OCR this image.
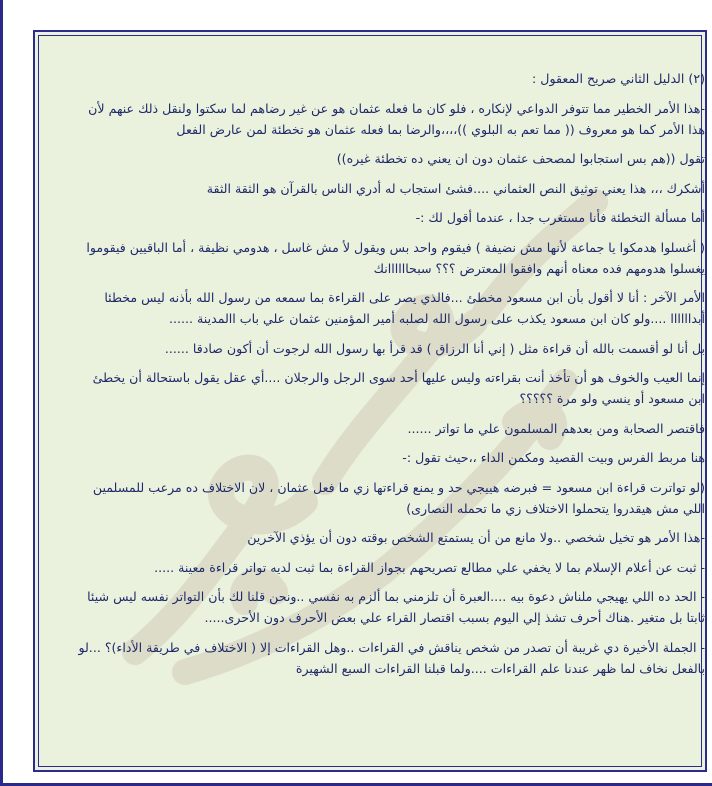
(٢) الدليل الثاني صريح المعقول :

-هذا الأمر الخطير مما تتوفر الدواعي لإنكاره ، فلو كان ما فعله عثمان هو عن غير رضاهم لما سكتوا ولنقل ذلك عنهم لأن هذا الأمر كما هو معروف (( مما تعم به البلوي ))،،،،والرضا بما فعله عثمان هو تخطئة لمن عارض الفعل

تقول ((هم بس استجابوا لمصحف عثمان دون ان يعني ده تخطئة غيره))

أشكرك ،،، هذا يعني توثيق النص العثماني ....فشئ استجاب له أدري الناس بالقرآن هو الثقة الثقة

أما مسألة التخطئة فأنا مستغرب جدا ، عندما أقول لك :-

( أغسلوا هدمكوا يا جماعة لأنها مش نضيفة ) فيقوم واحد بس ويقول لأ مش غاسل ، هدومي نظيفة ، أما الباقيين فيقوموا يغسلوا هدومهم فده معناه أنهم وافقوا المعترض ؟؟؟ سبحاااااانك

الأمر الآخر : أنا لا أقول بأن ابن مسعود مخطئ ...فالذي يصر على القراءة بما سمعه من رسول الله بأذنه ليس مخطئا أبداااااا ....ولو كان ابن مسعود يكذب على رسول الله لصلبه أمير المؤمنين عثمان علي باب االمدينة ......

بل أنا لو أقسمت بالله أن قراءة مثل ( إني أنا الرزاق ) قد قرأ بها رسول الله لرجوت أن أكون صادقا ......

إنما العيب والخوف هو أن تأخذ أنت بقراءته وليس عليها أحد سوى الرجل والرجلان ....أي عقل يقول باستحالة أن يخطئ ابن مسعود أو ينسي ولو مرة ؟؟؟؟؟

فاقتصر الصحابة ومن بعدهم المسلمون علي ما تواتر ......

هنا مربط الفرس وبيت القصيد ومكمن الداء ،،حيث تقول :-

(لو تواترت قراءة ابن مسعود = فبرضه هييجي حد و يمنع قراءتها زي ما فعل عثمان ، لان الاختلاف ده مرعب للمسلمين اللي مش هيقدروا يتحملوا الاختلاف زي ما تحمله النصارى)

-هذا الأمر هو تخيل شخصي ..ولا مانع من أن يستمتع الشخص بوقته دون أن يؤذي الآخرين

- ثبت عن أعلام الإسلام بما لا يخفي علي مطالع تصريحهم بجواز القراءة بما ثبت لديه تواتر قراءة معينة .....

- الحد ده اللي يهيجي ملناش دعوة بيه ....العبرة أن تلزمني بما ألزم به نفسي ..ونحن قلنا لك بأن التواتر نفسه ليس شيئا ثابتا بل متغير .هناك أحرف تشذ إلي اليوم بسبب اقتصار القراء علي بعض الأحرف دون الأحرى.....

- الجملة الأخيرة دي غريبة أن تصدر من شخص يناقش في القراءات ..وهل القراءات إلا ( الاختلاف في طريقة الأداء)؟ ...لو بالفعل نخاف لما ظهر عندنا علم القراءات ....ولما قبلنا القراءات السبع الشهيرة
